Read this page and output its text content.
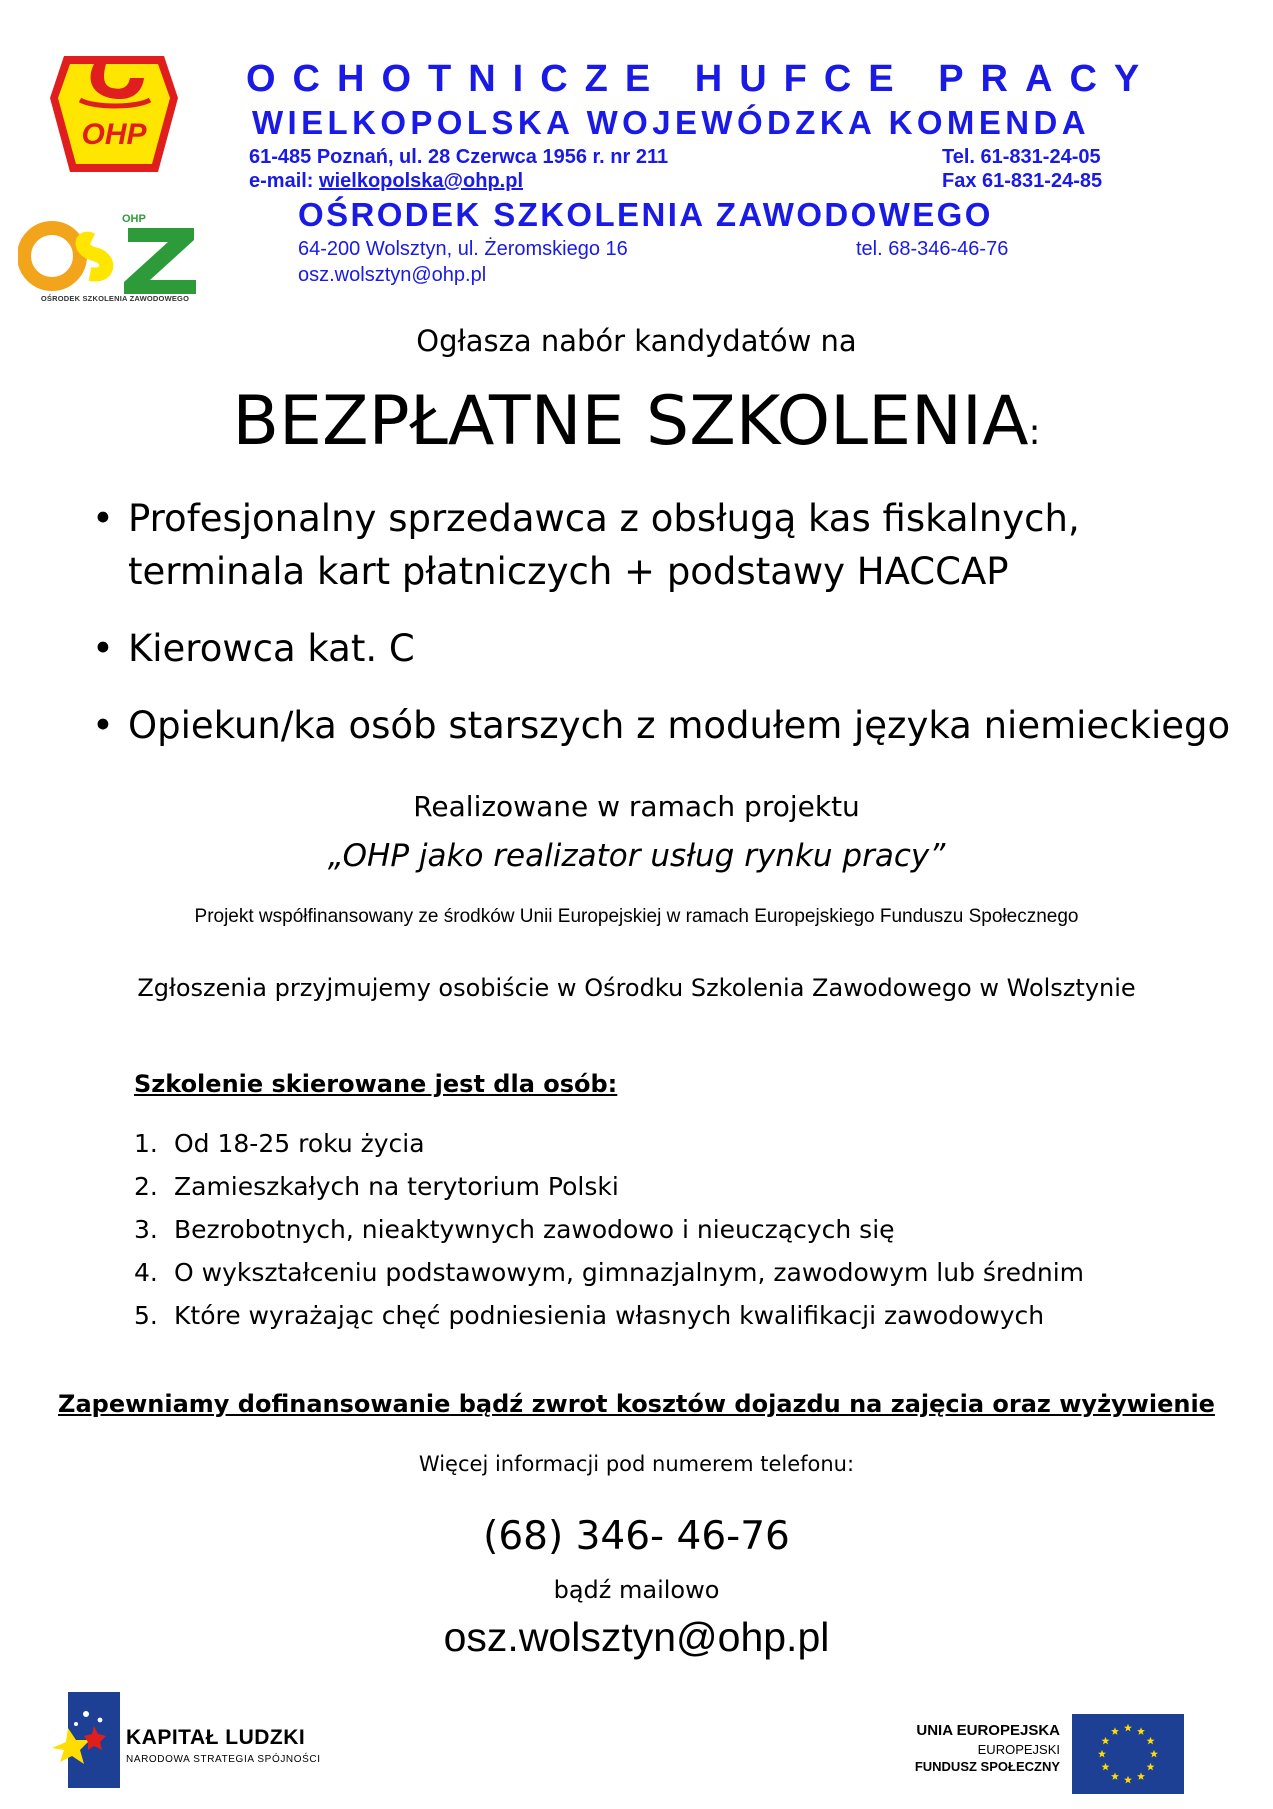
OHP
OHP
OŚRODEK SZKOLENIA ZAWODOWEGO
OCHOTNICZE HUFCE PRACY
WIELKOPOLSKA WOJEWÓDZKA KOMENDA
61-485 Poznań, ul. 28 Czerwca 1956 r. nr 211	Tel. 61-831-24-05
e-mail: wielkopolska@ohp.pl	Fax 61-831-24-85
OŚRODEK SZKOLENIA ZAWODOWEGO
64-200 Wolsztyn, ul. Żeromskiego 16	tel. 68-346-46-76
osz.wolsztyn@ohp.pl
Ogłasza nabór kandydatów na
BEZPŁATNE SZKOLENIA:
• Profesjonalny sprzedawca z obsługą kas fiskalnych, terminala kart płatniczych + podstawy HACCAP
• Kierowca kat. C
• Opiekun/ka osób starszych z modułem języka niemieckiego
Realizowane w ramach projektu
„OHP jako realizator usług rynku pracy”
Projekt współfinansowany ze środków Unii Europejskiej w ramach Europejskiego Funduszu Społecznego
Zgłoszenia przyjmujemy osobiście w Ośrodku Szkolenia Zawodowego w Wolsztynie
Szkolenie skierowane jest dla osób:
1. Od 18-25 roku życia
2. Zamieszkałych na terytorium Polski
3. Bezrobotnych, nieaktywnych zawodowo i nieuczących się
4. O wykształceniu podstawowym, gimnazjalnym, zawodowym lub średnim
5. Które wyrażając chęć podniesienia własnych kwalifikacji zawodowych
Zapewniamy dofinansowanie bądź zwrot kosztów dojazdu na zajęcia oraz wyżywienie
Więcej informacji pod numerem telefonu:
(68) 346- 46-76
bądź mailowo
osz.wolsztyn@ohp.pl
KAPITAŁ LUDZKI
NARODOWA STRATEGIA SPÓJNOŚCI
UNIA EUROPEJSKA
EUROPEJSKI
FUNDUSZ SPOŁECZNY
